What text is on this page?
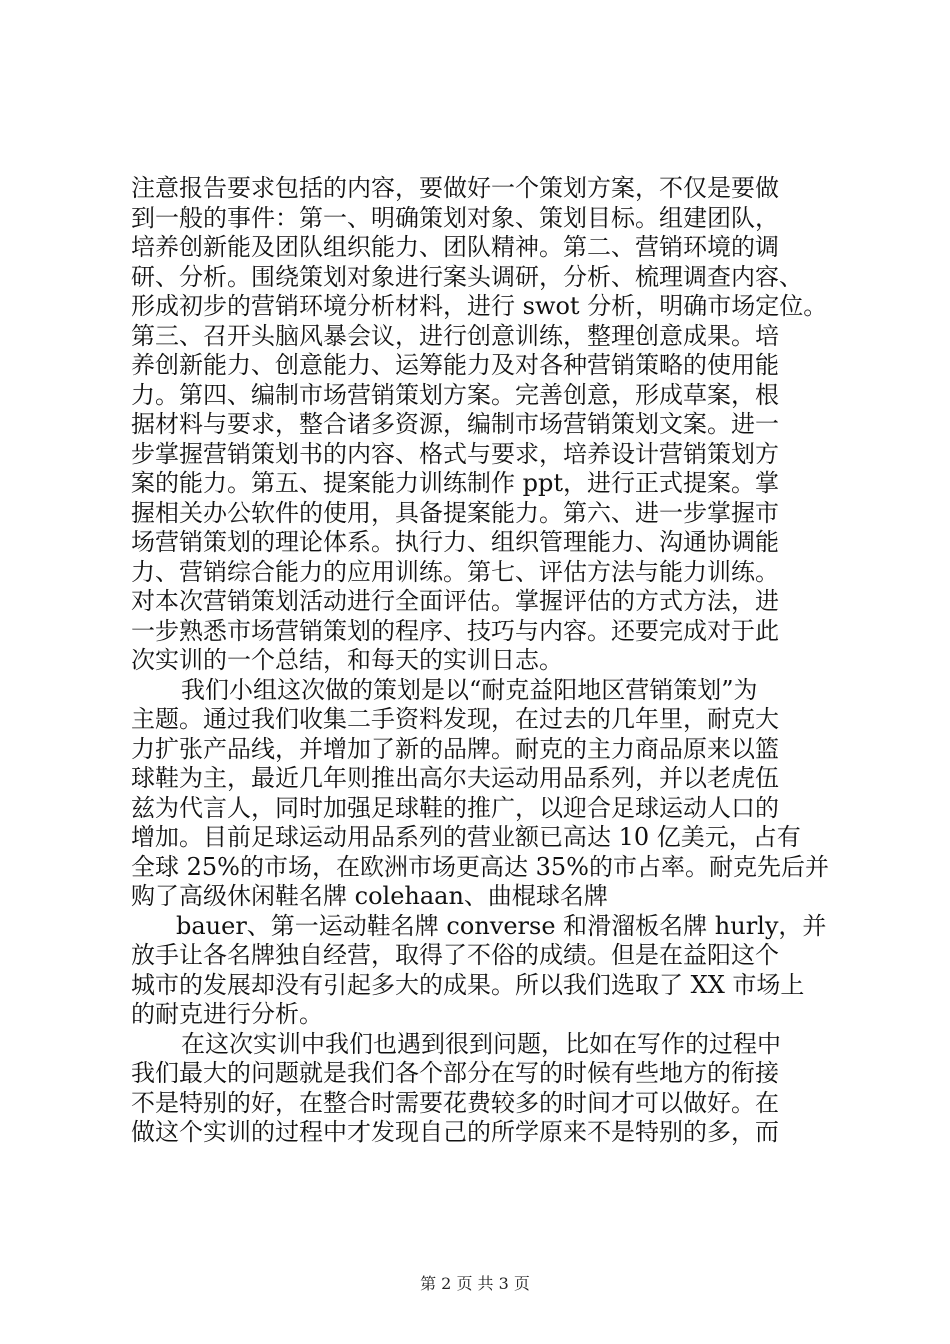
注意报告要求包括的内容，要做好一个策划方案，不仅是要做
到一般的事件：第一、明确策划对象、策划目标。组建团队，
培养创新能及团队组织能力、团队精神。第二、营销环境的调
研、分析。围绕策划对象进行案头调研，分析、梳理调查内容、
形成初步的营销环境分析材料，进行 swot 分析，明确市场定位。
第三、召开头脑风暴会议，进行创意训练，整理创意成果。培
养创新能力、创意能力、运筹能力及对各种营销策略的使用能
力。第四、编制市场营销策划方案。完善创意，形成草案，根
据材料与要求，整合诸多资源，编制市场营销策划文案。进一
步掌握营销策划书的内容、格式与要求，培养设计营销策划方
案的能力。第五、提案能力训练制作 ppt，进行正式提案。掌
握相关办公软件的使用，具备提案能力。第六、进一步掌握市
场营销策划的理论体系。执行力、组织管理能力、沟通协调能
力、营销综合能力的应用训练。第七、评估方法与能力训练。
对本次营销策划活动进行全面评估。掌握评估的方式方法，进
一步熟悉市场营销策划的程序、技巧与内容。还要完成对于此
次实训的一个总结，和每天的实训日志。
我们小组这次做的策划是以“耐克益阳地区营销策划”为
主题。通过我们收集二手资料发现，在过去的几年里，耐克大
力扩张产品线，并增加了新的品牌。耐克的主力商品原来以篮
球鞋为主，最近几年则推出高尔夫运动用品系列，并以老虎伍
兹为代言人，同时加强足球鞋的推广，以迎合足球运动人口的
增加。目前足球运动用品系列的营业额已高达 10 亿美元，占有
全球 25%的市场，在欧洲市场更高达 35%的市占率。耐克先后并
购了高级休闲鞋名牌 colehaan、曲棍球名牌
bauer、第一运动鞋名牌 converse 和滑溜板名牌 hurly，并
放手让各名牌独自经营，取得了不俗的成绩。但是在益阳这个
城市的发展却没有引起多大的成果。所以我们选取了 XX 市场上
的耐克进行分析。
在这次实训中我们也遇到很到问题，比如在写作的过程中
我们最大的问题就是我们各个部分在写的时候有些地方的衔接
不是特别的好，在整合时需要花费较多的时间才可以做好。在
做这个实训的过程中才发现自己的所学原来不是特别的多，而
第 2 页 共 3 页
